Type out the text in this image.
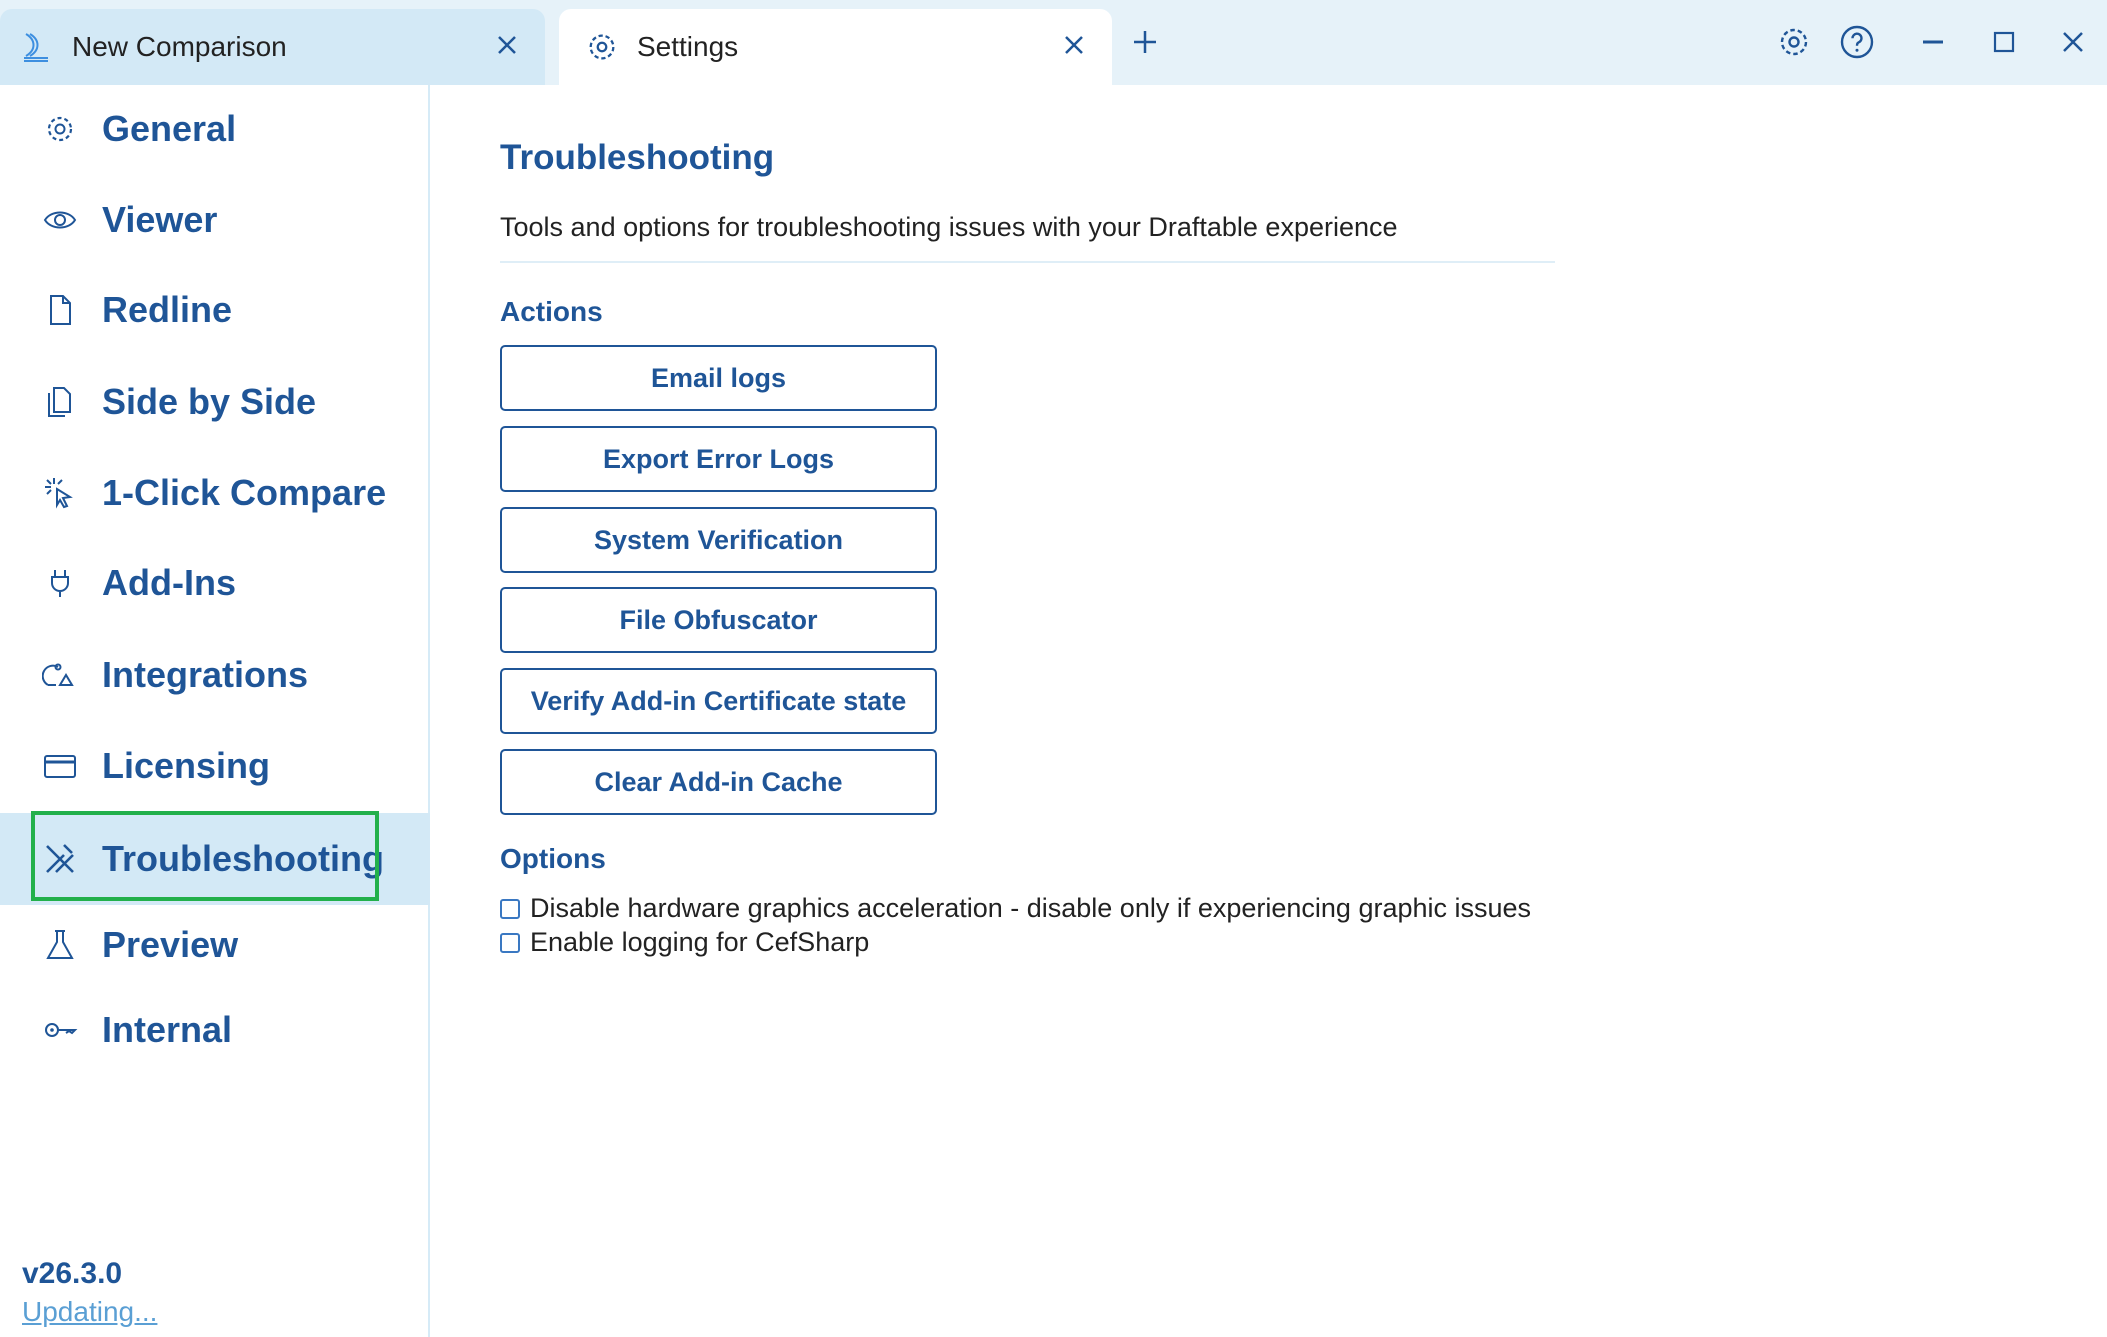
New Comparison	Settings
General
Viewer
Redline
Side by Side
1-Click Compare
Add-Ins
Integrations
Licensing
Troubleshooting
Preview
Internal
v26.3.0
Updating...
Troubleshooting
Tools and options for troubleshooting issues with your Draftable experience
Actions
Options
Email logs
Export Error Logs
System Verification
File Obfuscator
Verify Add-in Certificate state
Clear Add-in Cache
Disable hardware graphics acceleration - disable only if experiencing graphic issues
Enable logging for CefSharp
